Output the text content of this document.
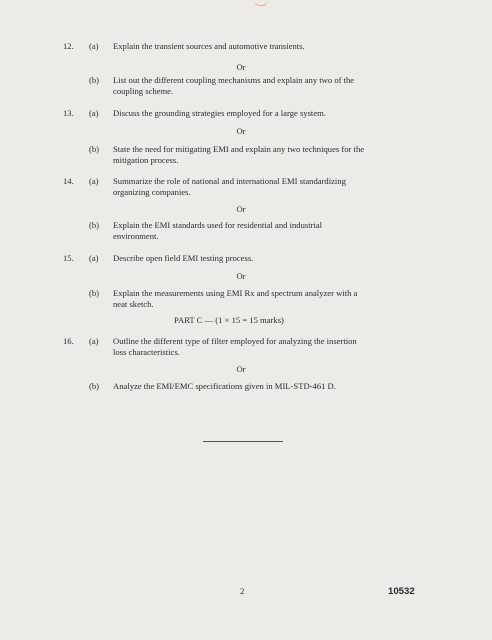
12. (a) Explain the transient sources and automotive transients.
Or
(b) List out the different coupling mechanisms and explain any two of the
coupling scheme.
13. (a) Discuss the grounding strategies employed for a large system.
Or
(b) State the need for mitigating EMI and explain any two techniques for the
mitigation process.
14. (a) Summarize the role of national and international EMI standardizing
organizing companies.
Or
(b) Explain the EMI standards used for residential and industrial
environment.
15. (a) Describe open field EMI testing process.
Or
(b) Explain the measurements using EMI Rx and spectrum analyzer with a
neat sketch.
PART C — (1 × 15 = 15 marks)
16. (a) Outline the different type of filter employed for analyzing the insertion
loss characteristics.
Or
(b) Analyze the EMI/EMC specifications given in MIL-STD-461 D.
2	10532
